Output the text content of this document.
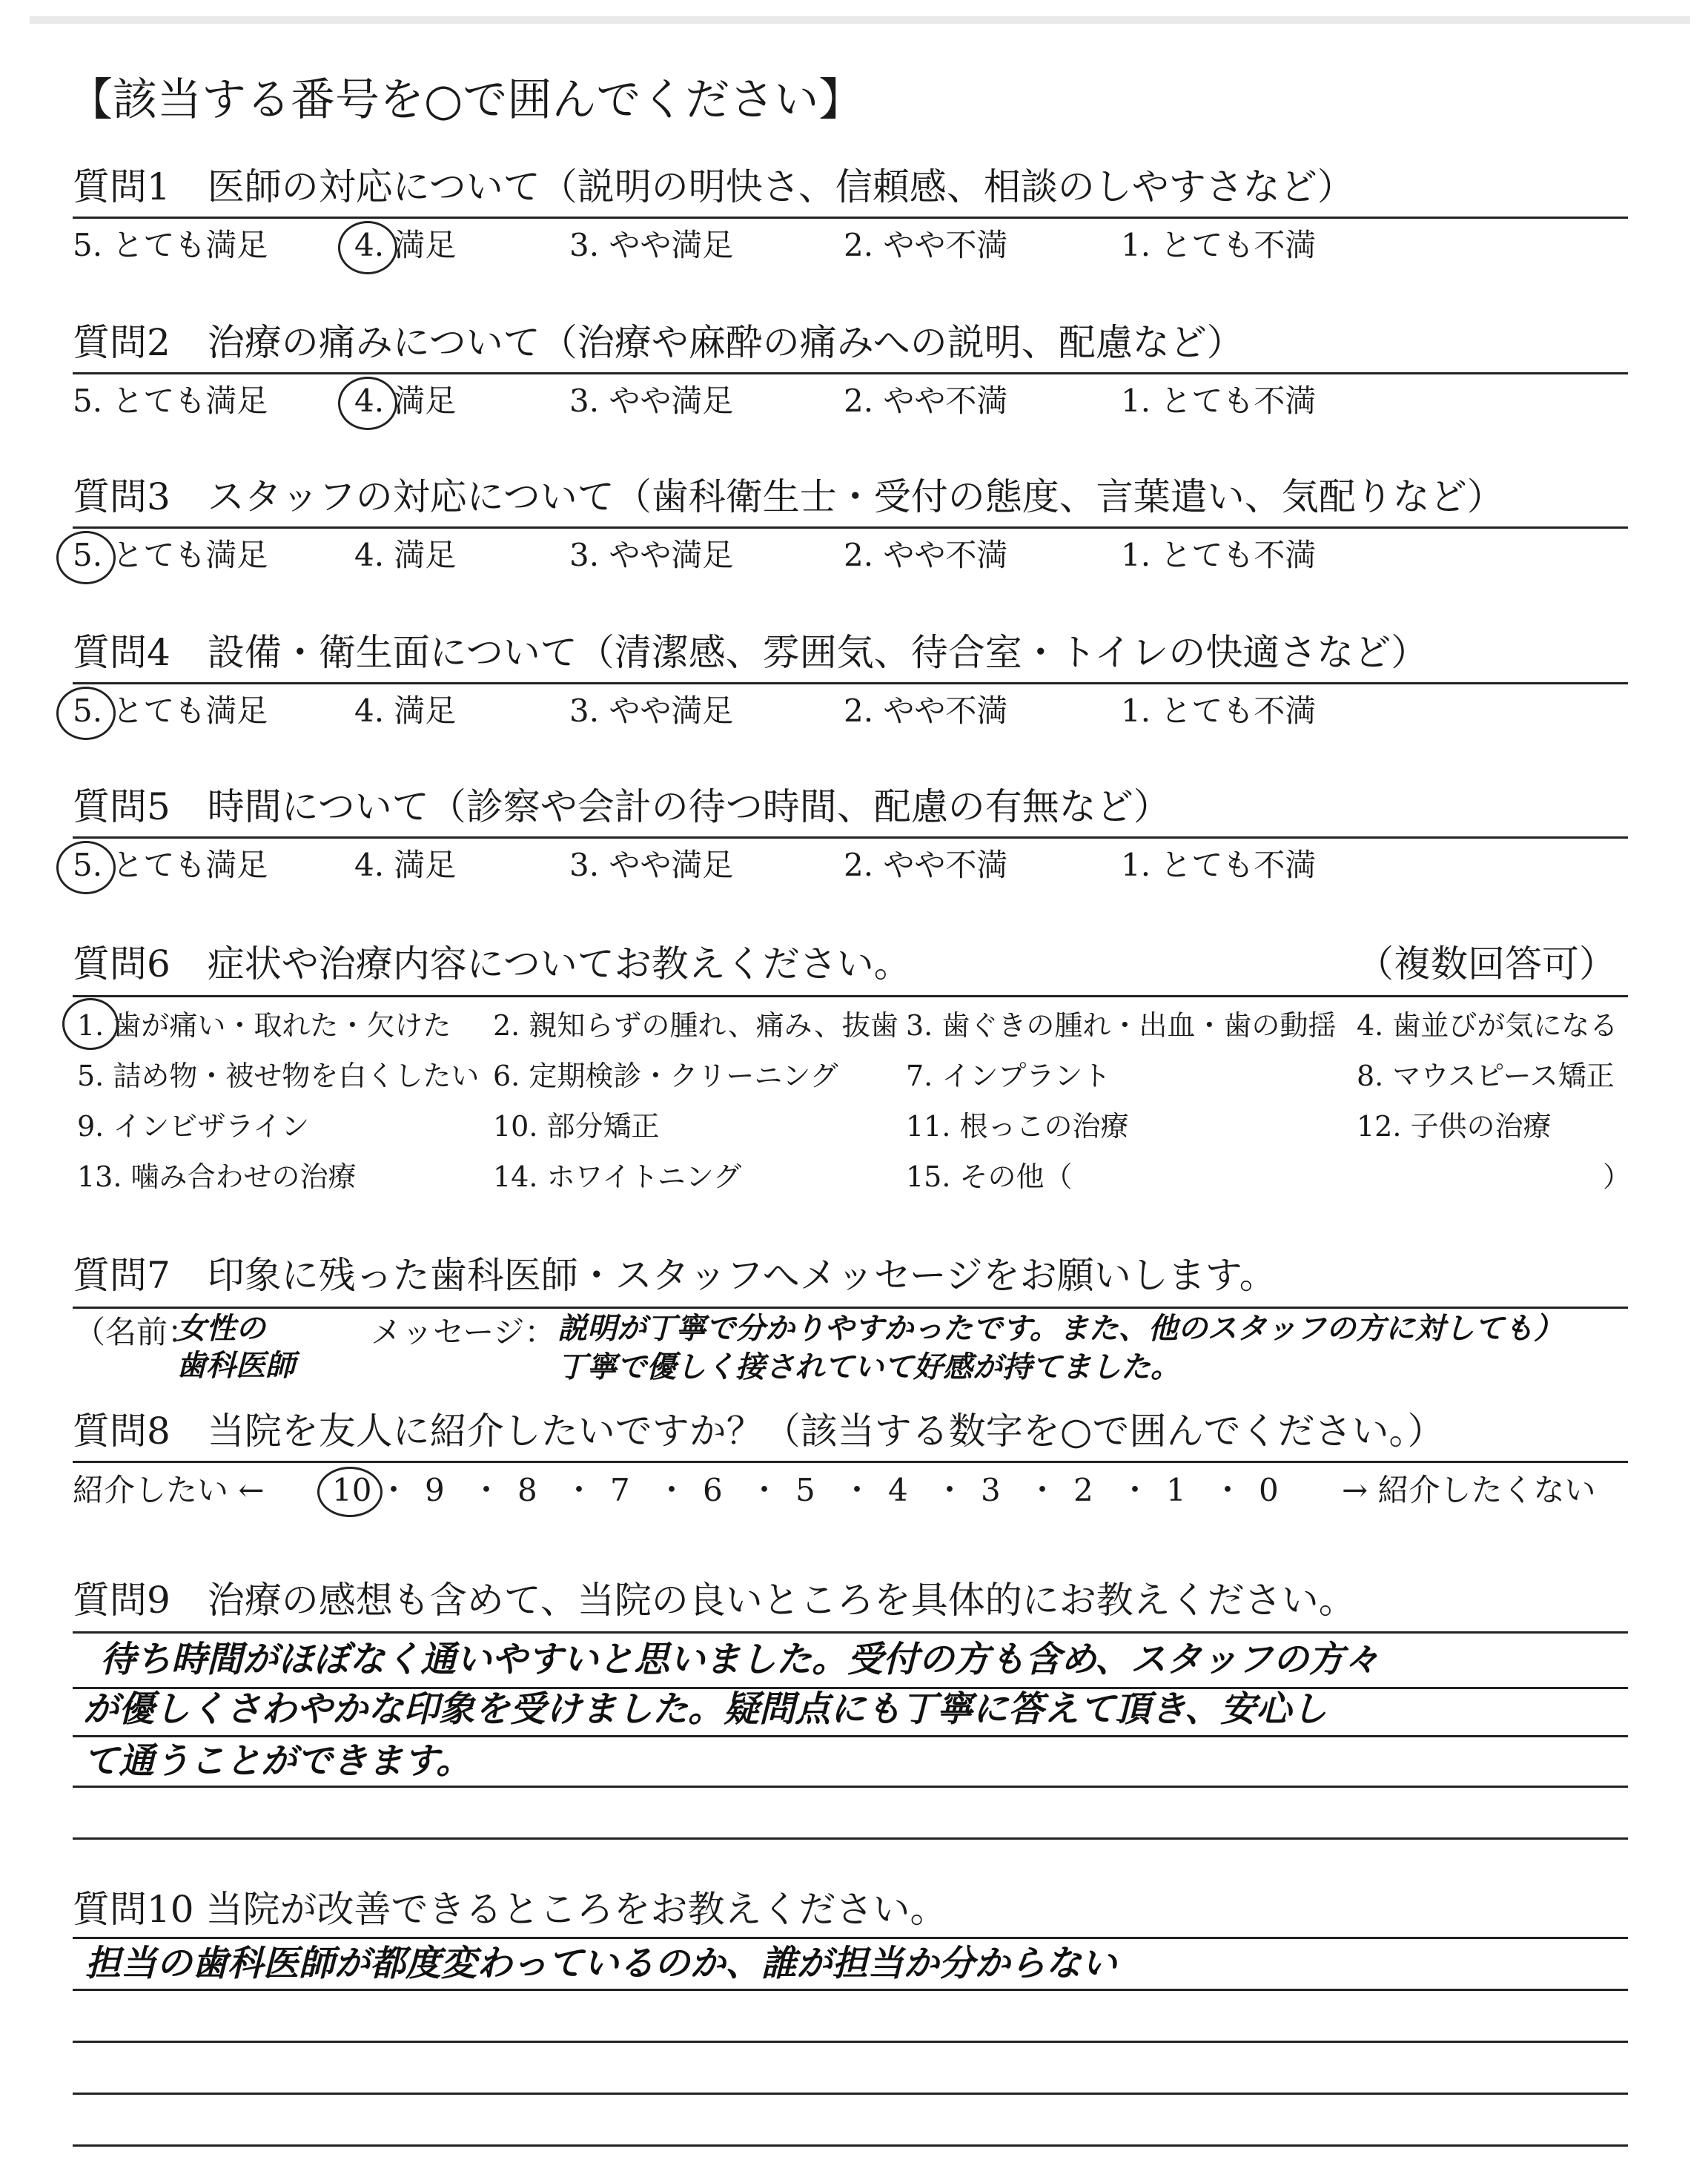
【該当する番号を○で囲んでください】
質問6　症状や治療内容についてお教えください。	（複数回答可）
質問7　印象に残った歯科医師・スタッフへメッセージをお願いします。
（名前：
女性の
歯科医師
メッセージ： 説明が丁寧で分かりやすかったです。また、他のスタッフの方に対しても）
丁寧で優しく接されていて好感が持てました。
質問8　当院を友人に紹介したいですか？（該当する数字を○で囲んでください。）
紹介したい ←	→ 紹介したくない
質問9　治療の感想も含めて、当院の良いところを具体的にお教えください。
待ち時間がほぼなく通いやすいと思いました。受付の方も含め、スタッフの方々
が優しくさわやかな印象を受けました。疑問点にも丁寧に答えて頂き、安心し
て通うことができます。
質問10 当院が改善できるところをお教えください。
担当の歯科医師が都度変わっているのか、誰が担当か分からない
質問1　医師の対応について（説明の明快さ、信頼感、相談のしやすさなど）
5. とても満足	4. 満足	3. やや満足	2. やや不満	1. とても不満
質問2　治療の痛みについて（治療や麻酔の痛みへの説明、配慮など）
5. とても満足	4. 満足	3. やや満足	2. やや不満	1. とても不満
質問3　スタッフの対応について（歯科衛生士・受付の態度、言葉遣い、気配りなど）
5. とても満足	4. 満足	3. やや満足	2. やや不満	1. とても不満
質問4　設備・衛生面について（清潔感、雰囲気、待合室・トイレの快適さなど）
5. とても満足	4. 満足	3. やや満足	2. やや不満	1. とても不満
質問5　時間について（診察や会計の待つ時間、配慮の有無など）
5. とても満足	4. 満足	3. やや満足	2. やや不満	1. とても不満
1. 歯が痛い・取れた・欠けた 2. 親知らずの腫れ、痛み、抜歯 3. 歯ぐきの腫れ・出血・歯の動揺 4. 歯並びが気になる
5. 詰め物・被せ物を白くしたい 6. 定期検診・クリーニング 7. インプラント	8. マウスピース矯正
9. インビザライン	10. 部分矯正	11. 根っこの治療	12. 子供の治療
13. 噛み合わせの治療	14. ホワイトニング	15. その他（	）
10 ・ 9 ・ 8 ・ 7 ・ 6 ・ 5 ・ 4 ・ 3 ・ 2 ・ 1 ・ 0
